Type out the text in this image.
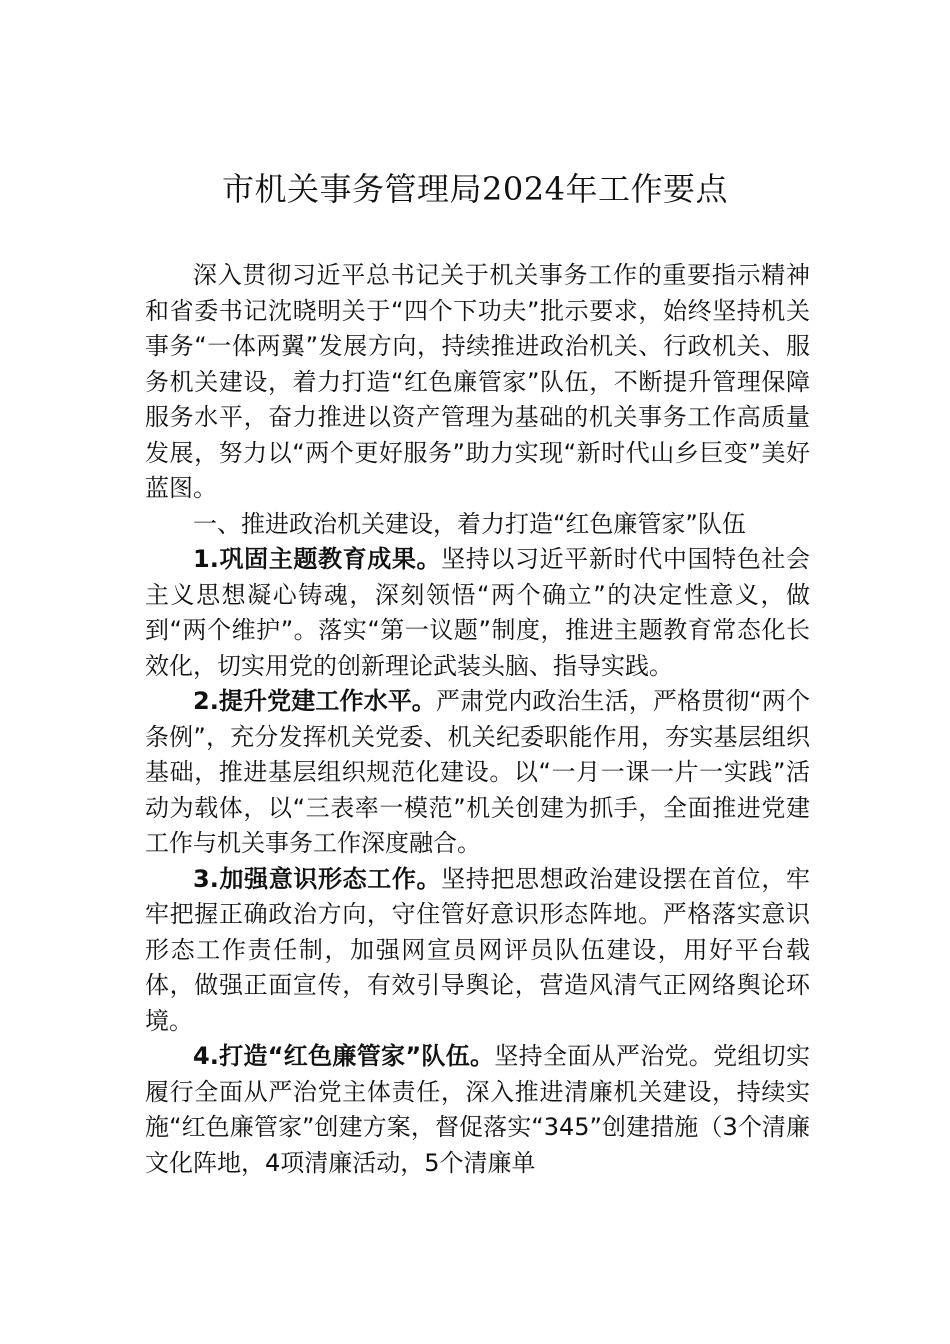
市机关事务管理局2024年工作要点

深入贯彻习近平总书记关于机关事务工作的重要指示精神和省委书记沈晓明关于“四个下功夫”批示要求，始终坚持机关事务“一体两翼”发展方向，持续推进政治机关、行政机关、服务机关建设，着力打造“红色廉管家”队伍，不断提升管理保障服务水平，奋力推进以资产管理为基础的机关事务工作高质量发展，努力以“两个更好服务”助力实现“新时代山乡巨变”美好蓝图。

一、推进政治机关建设，着力打造“红色廉管家”队伍

1.巩固主题教育成果。坚持以习近平新时代中国特色社会主义思想凝心铸魂，深刻领悟“两个确立”的决定性意义，做到“两个维护”。落实“第一议题”制度，推进主题教育常态化长效化，切实用党的创新理论武装头脑、指导实践。

2.提升党建工作水平。严肃党内政治生活，严格贯彻“两个条例”，充分发挥机关党委、机关纪委职能作用，夯实基层组织基础，推进基层组织规范化建设。以“一月一课一片一实践”活动为载体，以“三表率一模范”机关创建为抓手，全面推进党建工作与机关事务工作深度融合。

3.加强意识形态工作。坚持把思想政治建设摆在首位，牢牢把握正确政治方向，守住管好意识形态阵地。严格落实意识形态工作责任制，加强网宣员网评员队伍建设，用好平台载体，做强正面宣传，有效引导舆论，营造风清气正网络舆论环境。

4.打造“红色廉管家”队伍。坚持全面从严治党。党组切实履行全面从严治党主体责任，深入推进清廉机关建设，持续实施“红色廉管家”创建方案，督促落实“345”创建措施（3个清廉文化阵地，4项清廉活动，5个清廉单
